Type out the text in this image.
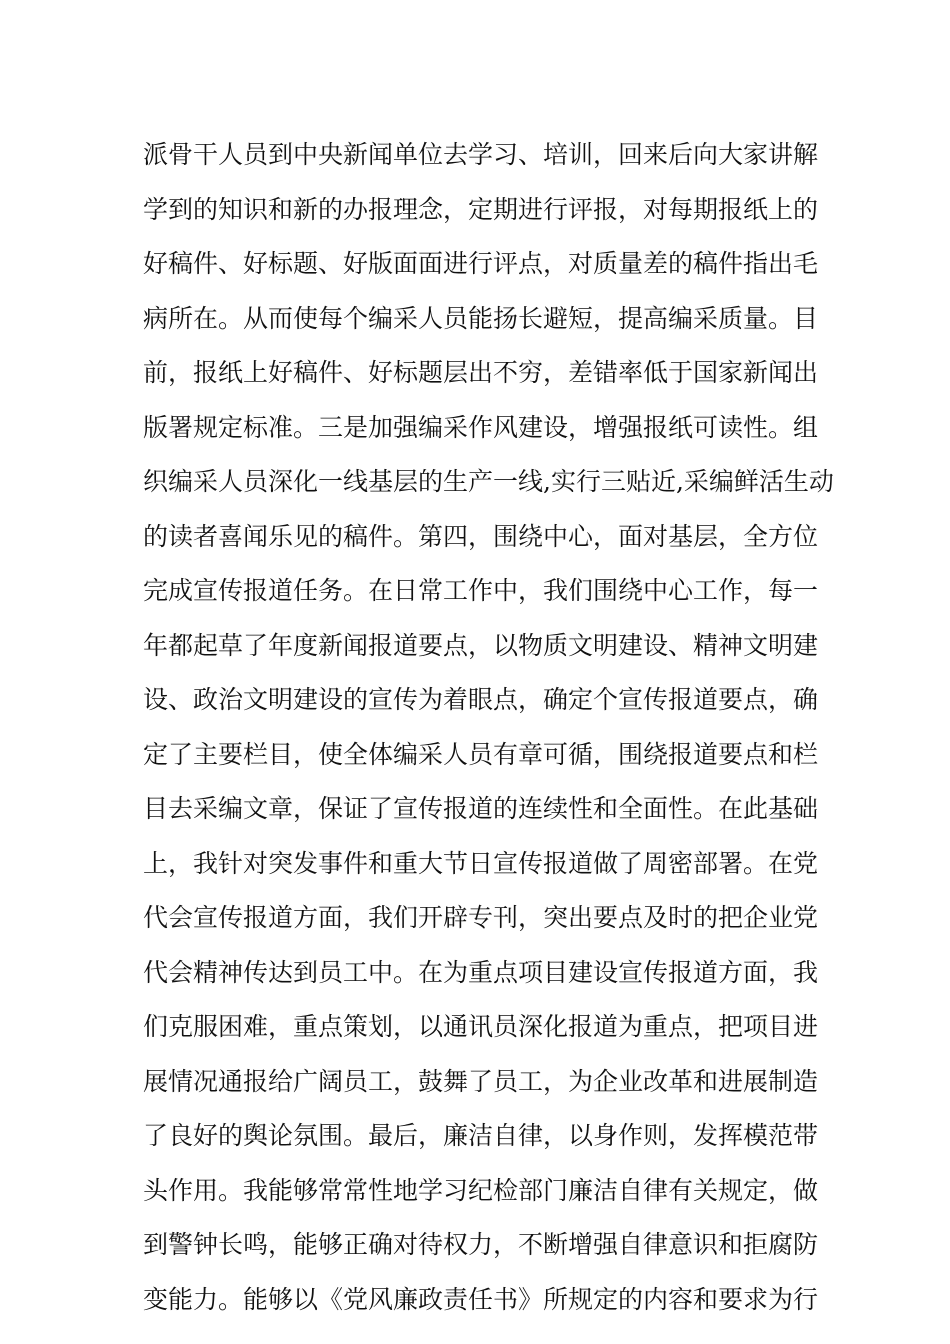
派骨干人员到中央新闻单位去学习、培训，回来后向大家讲解
学到的知识和新的办报理念，定期进行评报，对每期报纸上的
好稿件、好标题、好版面面进行评点，对质量差的稿件指出毛
病所在。从而使每个编采人员能扬长避短，提高编采质量。目
前，报纸上好稿件、好标题层出不穷，差错率低于国家新闻出
版署规定标准。三是加强编采作风建设，增强报纸可读性。组
织编采人员深化一线基层的生产一线,实行三贴近,采编鲜活生动
的读者喜闻乐见的稿件。第四，围绕中心，面对基层，全方位
完成宣传报道任务。在日常工作中，我们围绕中心工作，每一
年都起草了年度新闻报道要点，以物质文明建设、精神文明建
设、政治文明建设的宣传为着眼点，确定个宣传报道要点，确
定了主要栏目，使全体编采人员有章可循，围绕报道要点和栏
目去采编文章，保证了宣传报道的连续性和全面性。在此基础
上，我针对突发事件和重大节日宣传报道做了周密部署。在党
代会宣传报道方面，我们开辟专刊，突出要点及时的把企业党
代会精神传达到员工中。在为重点项目建设宣传报道方面，我
们克服困难，重点策划，以通讯员深化报道为重点，把项目进
展情况通报给广阔员工，鼓舞了员工，为企业改革和进展制造
了良好的舆论氛围。最后，廉洁自律，以身作则，发挥模范带
头作用。我能够常常性地学习纪检部门廉洁自律有关规定，做
到警钟长鸣，能够正确对待权力，不断增强自律意识和拒腐防
变能力。能够以《党风廉政责任书》所规定的内容和要求为行
